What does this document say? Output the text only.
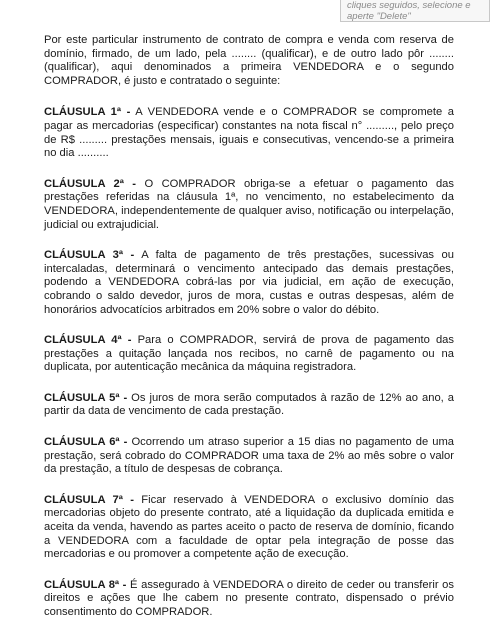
cliques seguidos, selecione e
aperte "Delete"

Por este particular instrumento de contrato de compra e venda com reserva de domínio, firmado, de um lado, pela ........ (qualificar), e de outro lado pôr ........ (qualificar), aqui denominados a primeira VENDEDORA e o segundo COMPRADOR, é justo e contratado o seguinte:

CLÁUSULA 1ª - A VENDEDORA vende e o COMPRADOR se compromete a pagar as mercadorias (especificar) constantes na nota fiscal n° ........., pelo preço de R$ ......... prestações mensais, iguais e consecutivas, vencendo-se a primeira no dia ..........

CLÁUSULA 2ª - O COMPRADOR obriga-se a efetuar o pagamento das prestações referidas na cláusula 1ª, no vencimento, no estabelecimento da VENDEDORA, independentemente de qualquer aviso, notificação ou interpelação, judicial ou extrajudicial.

CLÁUSULA 3ª - A falta de pagamento de três prestações, sucessivas ou intercaladas, determinará o vencimento antecipado das demais prestações, podendo a VENDEDORA cobrá-las por via judicial, em ação de execução, cobrando o saldo devedor, juros de mora, custas e outras despesas, além de honorários advocatícios arbitrados em 20% sobre o valor do débito.

CLÁUSULA 4ª - Para o COMPRADOR, servirá de prova de pagamento das prestações a quitação lançada nos recibos, no carnê de pagamento ou na duplicata, por autenticação mecânica da máquina registradora.

CLÁUSULA 5ª - Os juros de mora serão computados à razão de 12% ao ano, a partir da data de vencimento de cada prestação.

CLÁUSULA 6ª - Ocorrendo um atraso superior a 15 dias no pagamento de uma prestação, será cobrado do COMPRADOR uma taxa de 2% ao mês sobre o valor da prestação, a título de despesas de cobrança.

CLÁUSULA 7ª - Ficar reservado à VENDEDORA o exclusivo domínio das mercadorias objeto do presente contrato, até a liquidação da duplicada emitida e aceita da venda, havendo as partes aceito o pacto de reserva de domínio, ficando a VENDEDORA com a faculdade de optar pela integração de posse das mercadorias e ou promover a competente ação de execução.

CLÁUSULA 8ª - É assegurado à VENDEDORA o direito de ceder ou transferir os direitos e ações que lhe cabem no presente contrato, dispensado o prévio consentimento do COMPRADOR.
